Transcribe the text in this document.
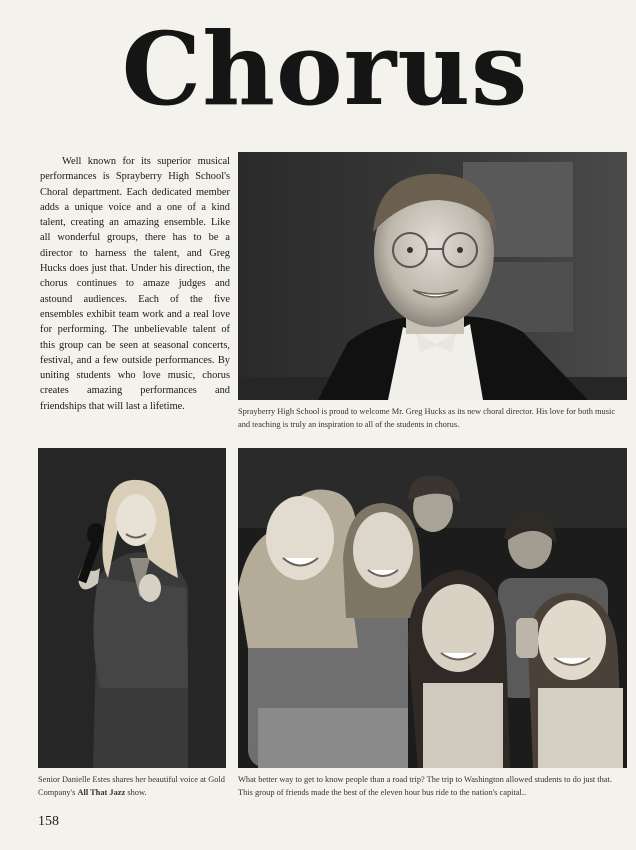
Chorus

Well known for its superior musical performances is Sprayberry High School's Choral department. Each dedicated member adds a unique voice and a one of a kind talent, creating an amazing ensemble. Like all wonderful groups, there has to be a director to harness the talent, and Greg Hucks does just that. Under his direction, the chorus continues to amaze judges and astound audiences. Each of the five ensembles exhibit team work and a real love for performing. The unbelievable talent of this group can be seen at seasonal concerts, festival, and a few outside performances. By uniting students who love music, chorus creates amazing performances and friendships that will last a lifetime.	Sprayberry High School is proud to welcome Mr. Greg Hucks as its new choral director. His love for both music and teaching is truly an inspiration to all of the students in chorus.

Senior Danielle Estes shares her beautiful voice at Gold Company's All That Jazz show.

What better way to get to know people than a road trip? The trip to Washington allowed students to do just that. This group of friends made the best of the eleven hour bus ride to the nation's capital..

158
